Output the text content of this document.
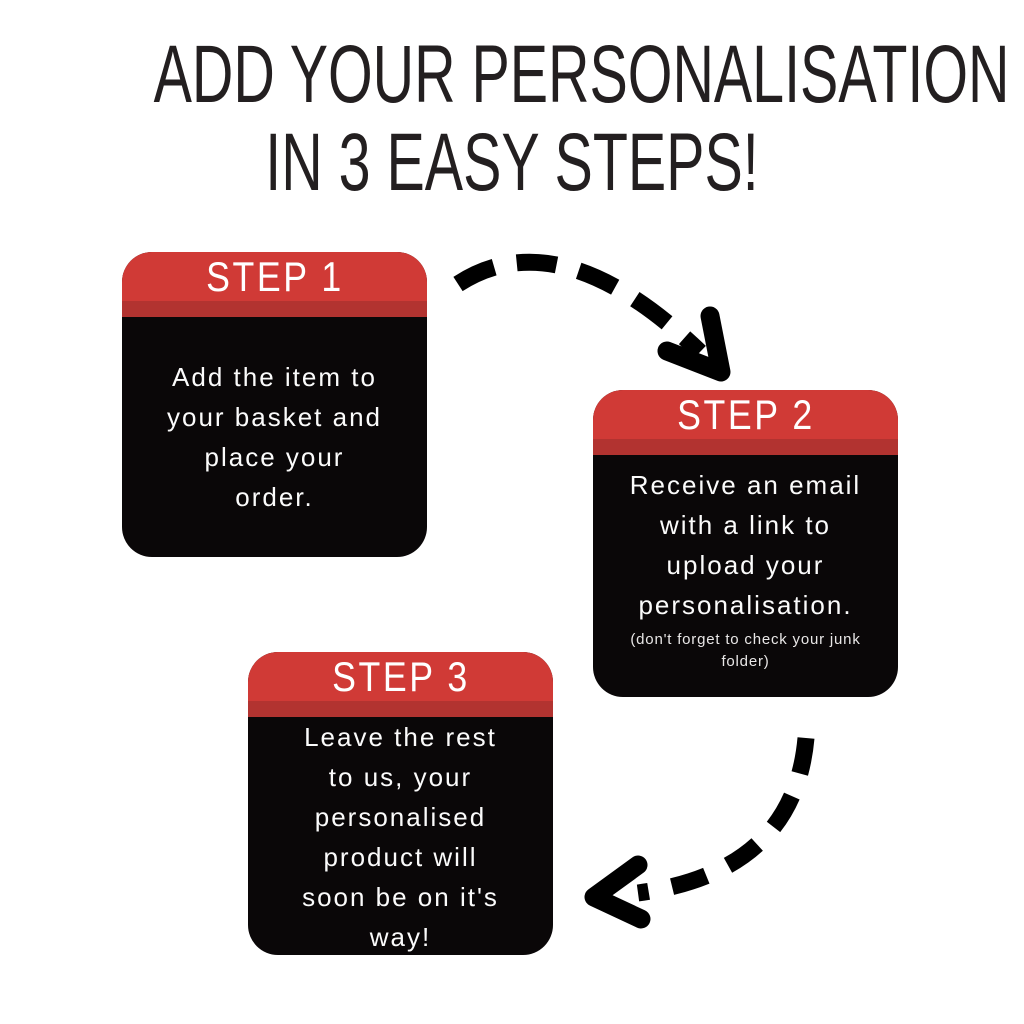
ADD YOUR PERSONALISATION
IN 3 EASY STEPS!
STEP 1
Add the item to
your basket and
place your
order.
STEP 2
Receive an email
with a link to
upload your
personalisation.
(don't forget to check your junk
folder)
STEP 3
Leave the rest
to us, your
personalised
product will
soon be on it's
way!
